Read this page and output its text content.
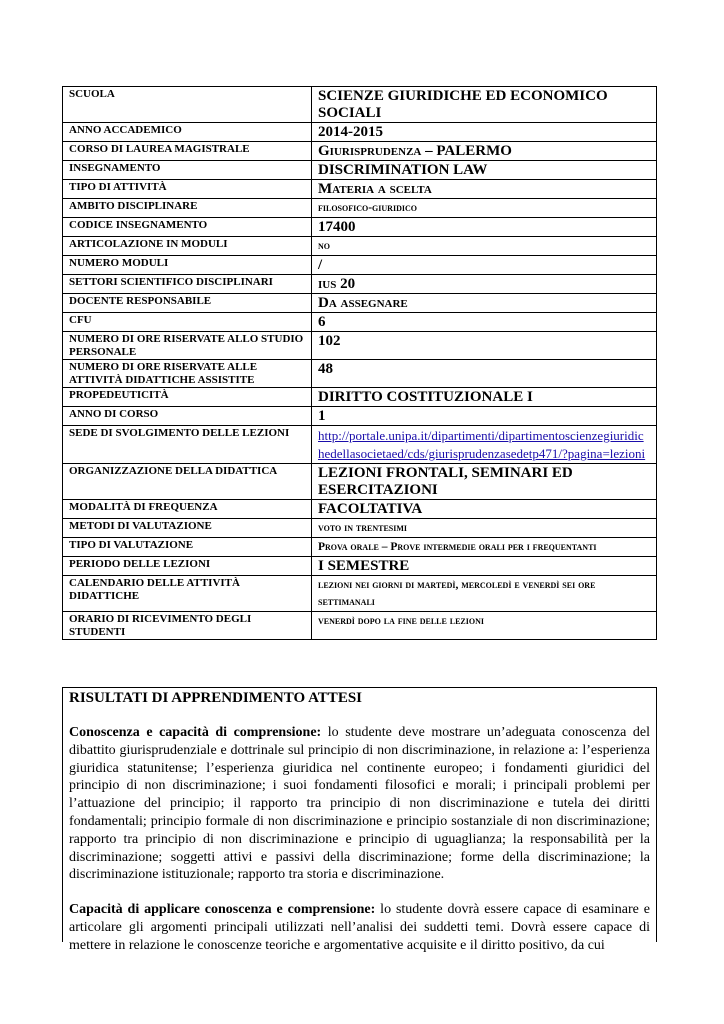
SCUOLA	SCIENZE GIURIDICHE ED ECONOMICO SOCIALI
ANNO ACCADEMICO	2014-2015
CORSO DI LAUREA MAGISTRALE	Giurisprudenza – PALERMO
INSEGNAMENTO	DISCRIMINATION LAW
TIPO DI ATTIVITÀ	Materia a scelta
AMBITO DISCIPLINARE	filosofico-giuridico
CODICE INSEGNAMENTO	17400
ARTICOLAZIONE IN MODULI	no
NUMERO MODULI	/
SETTORI SCIENTIFICO DISCIPLINARI	ius 20
DOCENTE RESPONSABILE	Da assegnare
CFU	6
NUMERO DI ORE RISERVATE ALLO STUDIO PERSONALE	102
NUMERO DI ORE RISERVATE ALLE ATTIVITÀ DIDATTICHE ASSISTITE	48
PROPEDEUTICITÀ	DIRITTO COSTITUZIONALE I
ANNO DI CORSO	1
SEDE DI SVOLGIMENTO DELLE LEZIONI	http://portale.unipa.it/dipartimenti/dipartimentoscienzegiuridichedellasocietaed/cds/giurisprudenzasedetp471/?pagina=lezioni
ORGANIZZAZIONE DELLA DIDATTICA	LEZIONI FRONTALI, SEMINARI ED ESERCITAZIONI
MODALITÀ DI FREQUENZA	FACOLTATIVA
METODI DI VALUTAZIONE	voto in trentesimi
TIPO DI VALUTAZIONE	Prova orale – Prove intermedie orali per i frequentanti
PERIODO DELLE LEZIONI	I SEMESTRE
CALENDARIO DELLE ATTIVITÀ DIDATTICHE	lezioni nei giorni di martedì, mercoledì e venerdì sei ore settimanali
ORARIO DI RICEVIMENTO DEGLI STUDENTI	venerdì dopo la fine delle lezioni
RISULTATI DI APPRENDIMENTO ATTESI

Conoscenza e capacità di comprensione: lo studente deve mostrare un’adeguata conoscenza del dibattito giurisprudenziale e dottrinale sul principio di non discriminazione, in relazione a: l’esperienza giuridica statunitense; l’esperienza giuridica nel continente europeo; i fondamenti giuridici del principio di non discriminazione; i suoi fondamenti filosofici e morali; i principali problemi per l’attuazione del principio; il rapporto tra principio di non discriminazione e tutela dei diritti fondamentali; principio formale di non discriminazione e principio sostanziale di non discriminazione; rapporto tra principio di non discriminazione e principio di uguaglianza; la responsabilità per la discriminazione; soggetti attivi e passivi della discriminazione; forme della discriminazione; la discriminazione istituzionale; rapporto tra storia e discriminazione.

Capacità di applicare conoscenza e comprensione: lo studente dovrà essere capace di esaminare e articolare gli argomenti principali utilizzati nell’analisi dei suddetti temi. Dovrà essere capace di mettere in relazione le conoscenze teoriche e argomentative acquisite e il diritto positivo, da cui
